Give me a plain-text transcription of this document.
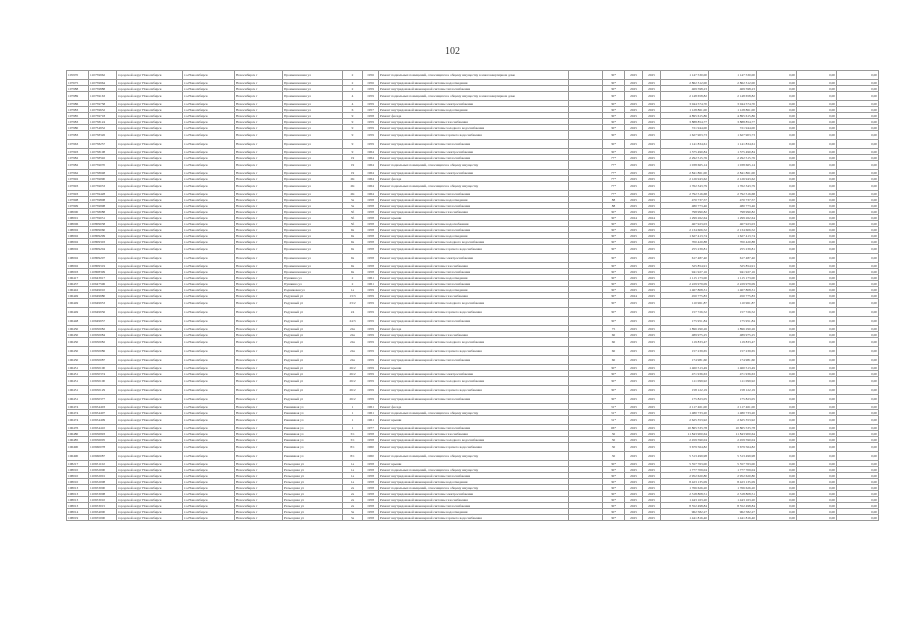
102
105970	110759962	городской округ Новосибирск	г.о.Новосибирск	Новосибирск г	Промышленная ул	2	1956	Ремонт подвальных помещений, относящихся к общему имуществу в многоквартирном доме		30*	2025	2025	1 147 530,00	1 147 530,00	0,00	0,00	0,00
107675	110759964	городской округ Новосибирск	г.о.Новосибирск	Новосибирск г	Промышленная ул	2	1956	Ремонт внутридомовой инженерной системы водоотведения		30*	2025	2025	2 862 312,00	2 862 312,00	0,00	0,00	0,00
107988	110759888	городской округ Новосибирск	г.о.Новосибирск	Новосибирск г	Промышленная ул	2	1959	Ремонт внутридомовой инженерной системы теплоснабжения		30*	2025	2025	469 598,23	469 598,23	0,00	0,00	0,00
107989	110759163	городской округ Новосибирск	г.о.Новосибирск	Новосибирск г	Промышленная ул	4	1959	Ремонт подвальных помещений, относящихся к общему имуществу в многоквартирном доме		30*	2025	2025	2 148 658,82	2 148 658,82	0,00	0,00	0,00
107986	110759758	городской округ Новосибирск	г.о.Новосибирск	Новосибирск г	Промышленная ул	4	1959	Ремонт внутридомовой инженерной системы электроснабжения		30*	2025	2025	3 044 574,70	3 044 574,70	0,00	0,00	0,00
107983	110759632	городской округ Новосибирск	г.о.Новосибирск	Новосибирск г	Промышленная ул	6	1957	Ремонт внутридомовой инженерной системы водоотведения		30*	2025	2025	1 128 861,00	1 128 861,00	0,00	0,00	0,00
107985	110759718	городской округ Новосибирск	г.о.Новосибирск	Новосибирск г	Промышленная ул	9	1958	Ремонт фасада		30*	2025	2025	4 895 615,86	4 895 615,86	0,00	0,00	0,00
107983	110758124	городской округ Новосибирск	г.о.Новосибирск	Новосибирск г	Промышленная ул	9	1959	Ремонт внутридомовой инженерной системы газоснабжения		30*	2025	2025	3 888 854,77	3 888 854,77	0,00	0,00	0,00
107980	110754932	городской округ Новосибирск	г.о.Новосибирск	Новосибирск г	Промышленная ул	9	1959	Ремонт внутридомовой инженерной системы холодного водоснабжения		30*	2025	2025	721 944,00	721 944,00	0,00	0,00	0,00
107983	110758326	городской округ Новосибирск	г.о.Новосибирск	Новосибирск г	Промышленная ул	9	1959	Ремонт внутридомовой инженерной системы горячего водоснабжения		30*	2025	2025	1 627 903,73	1 627 903,73	0,00	0,00	0,00
107963	110758257	городской округ Новосибирск	г.о.Новосибирск	Новосибирск г	Промышленная ул	9	1959	Ремонт внутридомовой инженерной системы теплоснабжения		30*	2025	2025	1 141 834,61	1 141 834,61	0,00	0,00	0,00
107993	110758108	городской округ Новосибирск	г.о.Новосибирск	Новосибирск г	Промышленная ул	9	1964	Ремонт внутридомовой инженерной системы электроснабжения		30*	2025	2025	1 375 490,84	1 375 490,84	0,00	0,00	0,00
107982	110758592	городской округ Новосибирск	г.о.Новосибирск	Новосибирск г	Промышленная ул	19	1964	Ремонт внутридомовой инженерной системы теплоснабжения		77*	2025	2025	2 292 515,76	2 292 515,76	0,00	0,00	0,00
107982	110759070	городской округ Новосибирск	г.о.Новосибирск	Новосибирск г	Промышленная ул	19	1964	Ремонт подвальных помещений, относящихся к общему имуществу		77*	2025	2025	1 038 665,14	1 038 665,14	0,00	0,00	0,00
107962	110758048	городской округ Новосибирск	г.о.Новосибирск	Новосибирск г	Промышленная ул	19	1964	Ремонт внутридомовой инженерной системы электроснабжения		77*	2025	2025	2 841 861,00	2 841 861,00	0,00	0,00	0,00
107992	110759090	городской округ Новосибирск	г.о.Новосибирск	Новосибирск г	Промышленная ул	2К	1964	Ремонт фасада		77*	2025	2025	2 126 943,62	2 126 943,62	0,00	0,00	0,00
107993	110759033	городской округ Новосибирск	г.о.Новосибирск	Новосибирск г	Промышленная ул	2К	1964	Ремонт подвальных помещений, относящихся к общему имуществу		77*	2025	2025	1 762 343,79	1 762 343,79	0,00	0,00	0,00
107993	110759428	городской округ Новосибирск	г.о.Новосибирск	Новосибирск г	Промышленная ул	2К	1964	Ремонт внутридомовой инженерной системы теплоснабжения		77*	2025	2025	2 792 516,68	2 792 516,68	0,00	0,00	0,00
107998	110759808	городской округ Новосибирск	г.о.Новосибирск	Новосибирск г	Промышленная ул	3а	1958	Ремонт внутридомовой инженерной системы водоотведения		88	2025	2025	470 737,57	470 737,57	0,00	0,00	0,00
107999	110759998	городской округ Новосибирск	г.о.Новосибирск	Новосибирск г	Промышленная ул	3а	1958	Ремонт внутридомовой инженерной системы теплоснабжения		88	2025	2025	480 773,46	480 773,46	0,00	0,00	0,00
108000	110758088	городской округ Новосибирск	г.о.Новосибирск	Новосибирск г	Промышленная ул	3б	1958	Ремонт внутридомовой инженерной системы газоснабжения		30*	2025	2025	798 990,82	798 990,82	0,00	0,00	0,00
108001	110759031	городской округ Новосибирск	г.о.Новосибирск	Новосибирск г	Промышленная ул	3б	1958	Ремонт крыши		30*	2024	2024	1 299 262,64	1 299 262,64	0,00	0,00	0,00
108006	110809038	городской округ Новосибирск	г.о.Новосибирск	Новосибирск г	Промышленная ул	5б	1958	Ремонт внутридомовой инженерной системы водоснабжения		30*	2025	2025	467 923,03	467 923,03	0,00	0,00	0,00
108002	110809060	городской округ Новосибирск	г.о.Новосибирск	Новосибирск г	Промышленная ул	9а	1958	Ремонт внутридомовой инженерной системы теплоснабжения		30*	2025	2025	2 134 606,52	2 134 606,52	0,00	0,00	0,00
108002	110809299	городской округ Новосибирск	г.о.Новосибирск	Новосибирск г	Промышленная ул	9а	1958	Ремонт внутридомовой инженерной системы водоотведения		30*	2025	2025	1 627 413,74	1 627 413,74	0,00	0,00	0,00
108002	110809303	городской округ Новосибирск	г.о.Новосибирск	Новосибирск г	Промышленная ул	9а	1958	Ремонт внутридомовой инженерной системы холодного водоснабжения		30*	2025	2025	700 420,88	700 420,88	0,00	0,00	0,00
108002	110809204	городской округ Новосибирск	г.о.Новосибирск	Новосибирск г	Промышленная ул	9а	1958	Ремонт внутридомовой инженерной системы горячего водоснабжения		30*	2025	2025	255 239,81	255 239,81	0,00	0,00	0,00
108002	110809207	городской округ Новосибирск	г.о.Новосибирск	Новосибирск г	Промышленная ул	9а	1958	Ремонт внутридомовой инженерной системы электроснабжения		30*	2025	2025	617 487,40	617 487,40	0,00	0,00	0,00
108002	110809319	городской округ Новосибирск	г.о.Новосибирск	Новосибирск г	Промышленная ул	9а	1958	Ремонт внутридомовой инженерной системы газоснабжения		30*	2025	2025	325 854,91	325 854,91	0,00	0,00	0,00
108003	110808399	городской округ Новосибирск	г.о.Новосибирск	Новосибирск г	Промышленная ул	9а	1958	Ремонт внутридомовой инженерной системы теплоснабжения		30*	2025	2025	941 927,16	941 927,16	0,00	0,00	0,00
106417	110643917	городской округ Новосибирск	г.о.Новосибирск	Новосибирск г	Пушкина ул	2	1961	Ремонт внутридомовой инженерной системы водоотведения		30*	2025	2025	1 115 173,00	1 115 173,00	0,00	0,00	0,00
106437	110647596	городской округ Новосибирск	г.о.Новосибирск	Новосибирск г	Пушкина ул	2	1961	Ремонт внутридомовой инженерной системы теплоснабжения		30*	2025	2025	2 229 979,09	2 229 979,09	0,00	0,00	0,00
106442	110649010	городской округ Новосибирск	г.о.Новосибирск	Новосибирск г	Родниковая ул	1а	1959	Ремонт внутридомовой инженерной системы водоотведения		30*	2025	2025	1 467 808,31	1 467 808,31	0,00	0,00	0,00
106449	110649980	городской округ Новосибирск	г.о.Новосибирск	Новосибирск г	Радужный ул	13/3	1959	Ремонт внутридомовой инженерной системы газоснабжения		30*	2024	2025	450 775,83	450 775,83	0,00	0,00	0,00
106449	110649953	городской округ Новосибирск	г.о.Новосибирск	Новосибирск г	Радужный ул	23/2	1959	Ремонт внутридомовой инженерной системы холодного водоснабжения		30*	2025	2025	110 961,87	110 961,87	0,00	0,00	0,00
106449	110649956	городской округ Новосибирск	г.о.Новосибирск	Новосибирск г	Радужный ул	24	1959	Ремонт внутридомовой инженерной системы горячего водоснабжения		30*	2025	2025	157 726,52	157 726,52	0,00	0,00	0,00
106448	110649957	городской округ Новосибирск	г.о.Новосибирск	Новосибирск г	Радужный ул	24/3	1959	Ремонт внутридомовой инженерной системы теплоснабжения		30*	2025	2025	175 951,84	175 951,84	0,00	0,00	0,00
106450	110650082	городской округ Новосибирск	г.о.Новосибирск	Новосибирск г	Радужный ул	24а	1959	Ремонт фасада		75	2025	2025	1 896 290,26	1 896 290,26	0,00	0,00	0,00
106450	110650084	городской округ Новосибирск	г.о.Новосибирск	Новосибирск г	Радужный ул	24а	1959	Ремонт внутридомовой инженерной системы газоснабжения		60	2025	2025	489 975,25	489 975,25	0,00	0,00	0,00
106450	110650082	городской округ Новосибирск	г.о.Новосибирск	Новосибирск г	Радужный ул	24а	1959	Ремонт внутридомовой инженерной системы холодного водоснабжения		60	2025	2025	119 833,47	119 833,47	0,00	0,00	0,00
106450	110650086	городской округ Новосибирск	г.о.Новосибирск	Новосибирск г	Радужный ул	24а	1959	Ремонт внутридомовой инженерной системы горячего водоснабжения		60	2025	2025	157 239,65	157 239,65	0,00	0,00	0,00
106450	110650087	городской округ Новосибирск	г.о.Новосибирск	Новосибирск г	Радужный ул	24а	1959	Ремонт внутридомовой инженерной системы теплоснабжения		60	2025	2025	174 981,60	174 981,60	0,00	0,00	0,00
106451	110650100	городской округ Новосибирск	г.о.Новосибирск	Новосибирск г	Радужный ул	26/2	1959	Ремонт крыши		30*	2025	2025	1 460 513,49	1 460 513,49	0,00	0,00	0,00
106451	110650374	городской округ Новосибирск	г.о.Новосибирск	Новосибирск г	Радужный ул	26/2	1959	Ремонт внутридомовой инженерной системы электроснабжения		30*	2025	2025	471 936,63	471 936,63	0,00	0,00	0,00
106451	110650100	городской округ Новосибирск	г.о.Новосибирск	Новосибирск г	Радужный ул	26/2	1959	Ремонт внутридомовой инженерной системы холодного водоснабжения		30*	2025	2025	111 099,92	111 099,92	0,00	0,00	0,00
106451	110650129	городской округ Новосибирск	г.о.Новосибирск	Новосибирск г	Радужный ул	26/2	1959	Ремонт внутридомовой инженерной системы горячего водоснабжения		30*	2025	2025	158 122,19	158 122,19	0,00	0,00	0,00
106451	110650377	городской округ Новосибирск	г.о.Новосибирск	Новосибирск г	Радужный ул	26/2	1959	Ремонт внутридомовой инженерной системы теплоснабжения		30*	2025	2025	175 823,05	175 823,05	0,00	0,00	0,00
106474	110654403	городской округ Новосибирск	г.о.Новосибирск	Новосибирск г	Равнинная ул	1	1961	Ремонт фасада		31*	2025	2025	2 117 461,00	2 117 461,00	0,00	0,00	0,00
106474	110654407	городской округ Новосибирск	г.о.Новосибирск	Новосибирск г	Равнинная ул	1	1961	Ремонт подвальных помещений, относящихся к общему имуществу		31*	2025	2025	1 480 733,20	1 480 733,20	0,00	0,00	0,00
106474	110654409	городской округ Новосибирск	г.о.Новосибирск	Новосибирск г	Равнинная ул	1	1961	Ремонт крыши		31*	2025	2025	2 625 353,92	2 625 353,92	0,00	0,00	0,00
106476	110654410	городской округ Новосибирск	г.о.Новосибирск	Новосибирск г	Равнинная ул	1	1977	Ремонт внутридомовой инженерной системы теплоснабжения		06*	2025	2025	10 865 535,78	10 865 535,78	0,00	0,00	0,00
106480	110656993	городской округ Новосибирск	г.о.Новосибирск	Новосибирск г	Равнинная ул	3/1	1958	Ремонт внутридомовой инженерной системы газоснабжения		30	2025	2025	11 843 900,64	11 843 900,64	0,00	0,00	0,00
106485	110656005	городской округ Новосибирск	г.о.Новосибирск	Новосибирск г	Равнинная ул	3/1	1958	Ремонт внутридомовой инженерной системы холодного водоснабжения		30	2025	2025	2 459 590,04	2 459 590,04	0,00	0,00	0,00
106490	110660078	городской округ Новосибирск	г.о.Новосибирск	Новосибирск г	Равнинная ул	8/1	1960	Ремонт внутридомовой инженерной системы горячего водоснабжения		30	2025	2025	3 679 564,82	3 679 564,82	0,00	0,00	0,00
106490	110660087	городской округ Новосибирск	г.о.Новосибирск	Новосибирск г	Равнинная ул	8/1	1960	Ремонт подвальных помещений, относящихся к общему имуществу		30	2025	2025	5 513 499,98	5 513 499,98	0,00	0,00	0,00
108217	110651102	городской округ Новосибирск	г.о.Новосибирск	Новосибирск г	Разъездная ул	1а	1958	Ремонт крыши		30*	2025	2025	5 557 763,00	5 557 763,00	0,00	0,00	0,00
108010	110652000	городской округ Новосибирск	г.о.Новосибирск	Новосибирск г	Разъездная ул	1а	1958	Ремонт подвальных помещений, относящихся к общему имуществу		30*	2025	2025	1 777 709,04	1 777 709,04	0,00	0,00	0,00
108010	110652001	городской округ Новосибирск	г.о.Новосибирск	Новосибирск г	Разъездная ул	1а	1958	Ремонт внутридомовой инженерной системы теплоснабжения		30*	2025	2025	2 952 620,80	2 952 620,80	0,00	0,00	0,00
108010	110652008	городской округ Новосибирск	г.о.Новосибирск	Новосибирск г	Разъездная ул	1а	1958	Ремонт внутридомовой инженерной системы водоотведения		30*	2025	2025	8 423 135,09	8 423 135,09	0,00	0,00	0,00
108013	110653000	городской округ Новосибирск	г.о.Новосибирск	Новосибирск г	Разъездная ул	2а	1958	Ремонт подвальных помещений, относящихся к общему имуществу		30*	2025	2025	1 766 626,20	1 766 626,20	0,00	0,00	0,00
108013	110653008	городской округ Новосибирск	г.о.Новосибирск	Новосибирск г	Разъездная ул	2а	1958	Ремонт внутридомовой инженерной системы электроснабжения		30*	2025	2025	2 318 808,51	2 318 808,51	0,00	0,00	0,00
108013	110653010	городской округ Новосибирск	г.о.Новосибирск	Новосибирск г	Разъездная ул	2а	1958	Ремонт внутридомовой инженерной системы газоснабжения		30*	2025	2025	1 443 163,20	1 443 163,20	0,00	0,00	0,00
108013	110653015	городской округ Новосибирск	г.о.Новосибирск	Новосибирск г	Разъездная ул	2а	1958	Ремонт внутридомовой инженерной системы теплоснабжения		30*	2025	2025	8 552 498,84	8 552 498,84	0,00	0,00	0,00
108014	110654000	городской округ Новосибирск	г.о.Новосибирск	Новосибирск г	Разъездная ул	3а	1958	Ремонт внутридомовой инженерной системы водоотведения		30*	2025	2025	962 582,27	962 582,27	0,00	0,00	0,00
108019	110655000	городской округ Новосибирск	г.о.Новосибирск	Новосибирск г	Разъездная ул	3а	1958	Ремонт внутридомовой инженерной системы горячего водоснабжения		30*	2025	2025	1 441 816,40	1 441 816,40	0,00	0,00	0,00
